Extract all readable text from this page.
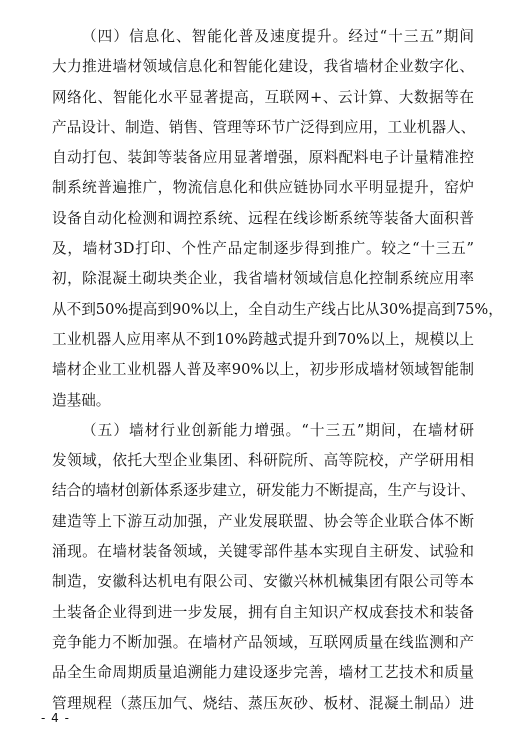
（四）信息化、智能化普及速度提升。经过“十三五”期间
大力推进墙材领域信息化和智能化建设，我省墙材企业数字化、
网络化、智能化水平显著提高，互联网+、云计算、大数据等在
产品设计、制造、销售、管理等环节广泛得到应用，工业机器人、
自动打包、装卸等装备应用显著增强，原料配料电子计量精准控
制系统普遍推广，物流信息化和供应链协同水平明显提升，窑炉
设备自动化检测和调控系统、远程在线诊断系统等装备大面积普
及，墙材3D打印、个性产品定制逐步得到推广。较之“十三五”
初，除混凝土砌块类企业，我省墙材领域信息化控制系统应用率
从不到50%提高到90%以上，全自动生产线占比从30%提高到75%，
工业机器人应用率从不到10%跨越式提升到70%以上，规模以上
墙材企业工业机器人普及率90%以上，初步形成墙材领域智能制
造基础。
（五）墙材行业创新能力增强。“十三五”期间，在墙材研
发领域，依托大型企业集团、科研院所、高等院校，产学研用相
结合的墙材创新体系逐步建立，研发能力不断提高，生产与设计、
建造等上下游互动加强，产业发展联盟、协会等企业联合体不断
涌现。在墙材装备领域，关键零部件基本实现自主研发、试验和
制造，安徽科达机电有限公司、安徽兴林机械集团有限公司等本
土装备企业得到进一步发展，拥有自主知识产权成套技术和装备
竞争能力不断加强。在墙材产品领域，互联网质量在线监测和产
品全生命周期质量追溯能力建设逐步完善，墙材工艺技术和质量
管理规程（蒸压加气、烧结、蒸压灰砂、板材、混凝土制品）进
- 4 -
